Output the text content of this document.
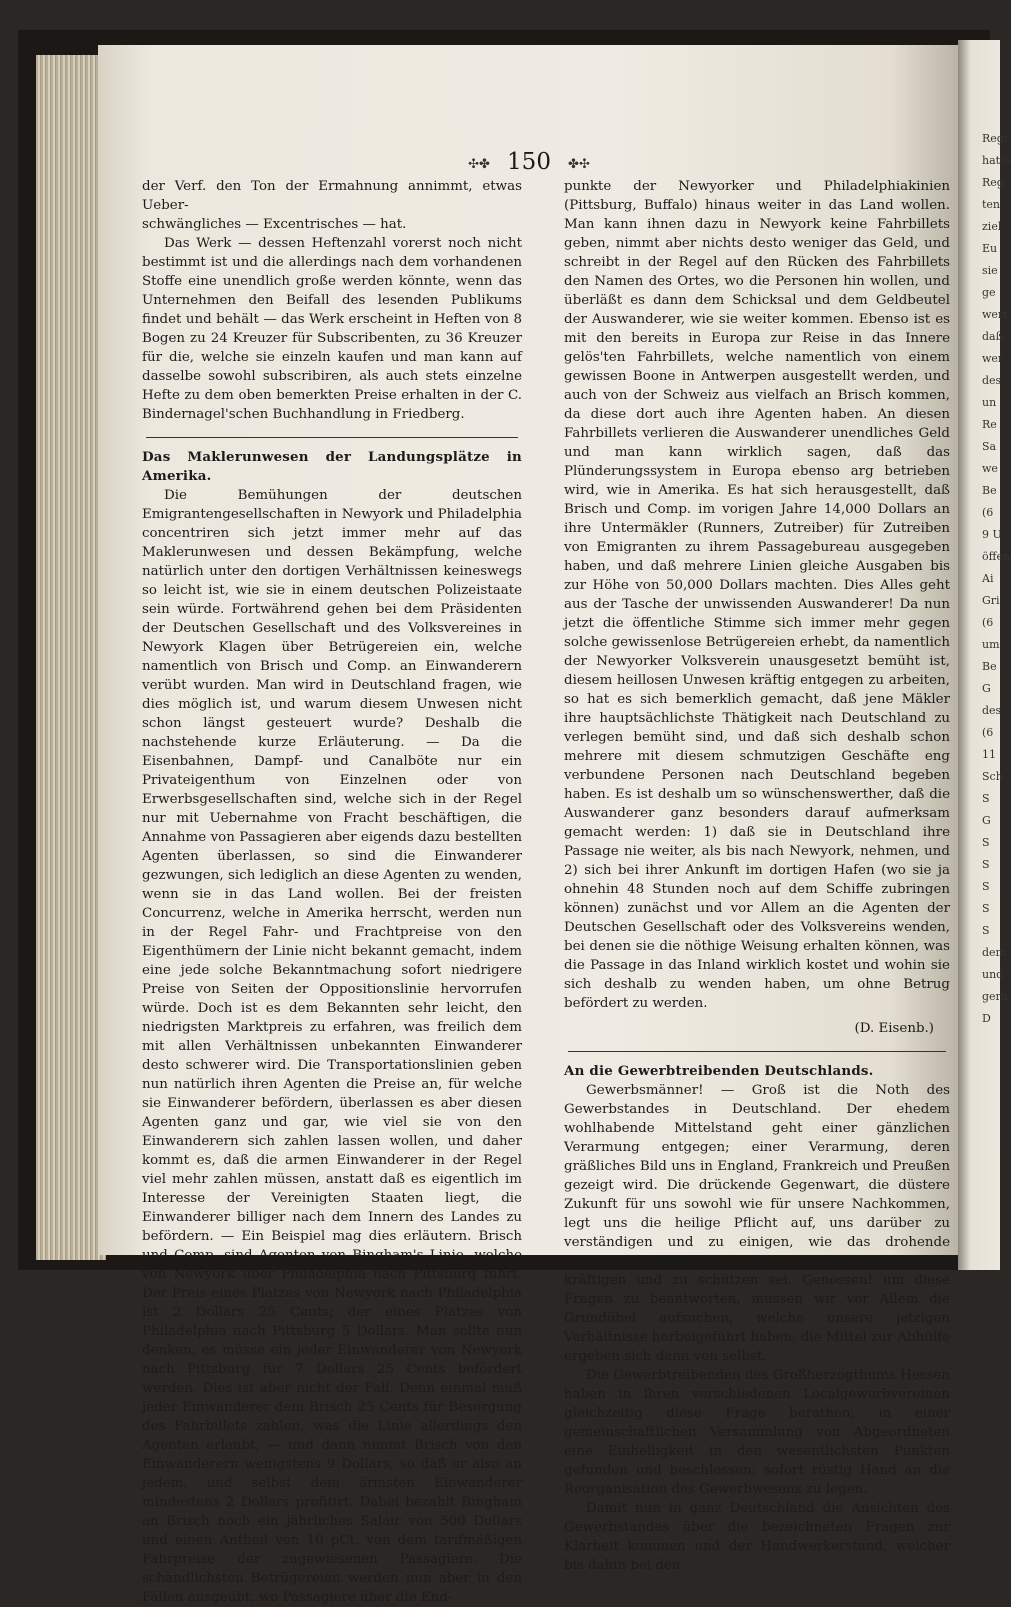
✣✤ 150 ✤✣

der Verf. den Ton der Ermahnung annimmt, etwas Ueber-

schwängliches — Excentrisches — hat.

Das Werk — dessen Heftenzahl vorerst noch nicht bestimmt ist und die allerdings nach dem vorhandenen Stoffe eine unendlich große werden könnte, wenn das Unternehmen den Beifall des lesenden Publikums findet und behält — das Werk erscheint in Heften von 8 Bogen zu 24 Kreuzer für Subscribenten, zu 36 Kreuzer für die, welche sie einzeln kaufen und man kann auf dasselbe sowohl subscribiren, als auch stets einzelne Hefte zu dem oben bemerkten Preise erhalten in der C. Bindernagel'schen Buchhandlung in Friedberg.

Das Maklerunwesen der Landungsplätze in Amerika.

Die Bemühungen der deutschen Emigrantengesellschaften in Newyork und Philadelphia concentriren sich jetzt immer mehr auf das Maklerunwesen und dessen Bekämpfung, welche natürlich unter den dortigen Verhältnissen keineswegs so leicht ist, wie sie in einem deutschen Polizeistaate sein würde. Fortwährend gehen bei dem Präsidenten der Deutschen Gesellschaft und des Volksvereines in Newyork Klagen über Betrügereien ein, welche namentlich von Brisch und Comp. an Einwanderern verübt wurden. Man wird in Deutschland fragen, wie dies möglich ist, und warum diesem Unwesen nicht schon längst gesteuert wurde? Deshalb die nachstehende kurze Erläuterung. — Da die Eisenbahnen, Dampf- und Canalböte nur ein Privateigenthum von Einzelnen oder von Erwerbsgesellschaften sind, welche sich in der Regel nur mit Uebernahme von Fracht beschäftigen, die Annahme von Passagieren aber eigends dazu bestellten Agenten überlassen, so sind die Einwanderer gezwungen, sich lediglich an diese Agenten zu wenden, wenn sie in das Land wollen. Bei der freisten Concurrenz, welche in Amerika herrscht, werden nun in der Regel Fahr- und Frachtpreise von den Eigenthümern der Linie nicht bekannt gemacht, indem eine jede solche Bekanntmachung sofort niedrigere Preise von Seiten der Oppositionslinie hervorrufen würde. Doch ist es dem Bekannten sehr leicht, den niedrigsten Marktpreis zu erfahren, was freilich dem mit allen Verhältnissen unbekannten Einwanderer desto schwerer wird. Die Transportationslinien geben nun natürlich ihren Agenten die Preise an, für welche sie Einwanderer befördern, überlassen es aber diesen Agenten ganz und gar, wie viel sie von den Einwanderern sich zahlen lassen wollen, und daher kommt es, daß die armen Einwanderer in der Regel viel mehr zahlen müssen, anstatt daß es eigentlich im Interesse der Vereinigten Staaten liegt, die Einwanderer billiger nach dem Innern des Landes zu befördern. — Ein Beispiel mag dies erläutern. Brisch und Comp. sind Agenten von Bingham's Linie, welche von Newyork über Philadelphia nach Pittsburg führt. Der Preis eines Platzes von Newyork nach Philadelphia ist 2 Dollars 25 Cents; der eines Platzes von Philadelphia nach Pittsburg 5 Dollars. Man sollte nun denken, es müsse ein jeder Einwanderer von Newyork nach Pittsburg für 7 Dollars 25 Cents befördert werden. Dies ist aber nicht der Fall. Denn einmal muß jeder Einwanderer dem Brisch 25 Cents für Besorgung des Fahrbillets zahlen, was die Linie allerdings den Agenten erlaubt, — und dann nimmt Brisch von den Einwanderern wenigstens 9 Dollars, so daß er also an jedem, und selbst dem ärmsten Einwanderer mindestens 2 Dollars profitirt. Dabei bezahlt Bingham an Brisch noch ein jährliches Salair von 500 Dollars und einen Antheil von 10 pCt. von dem tarifmäßigen Fahrpreise der zugewiesenen Passagiere. Die schändlichsten Betrügereien werden nun aber in den Fällen ausgeübt, wo Passagiere über die End-

punkte der Newyorker und Philadelphiakinien (Pittsburg, Buffalo) hinaus weiter in das Land wollen. Man kann ihnen dazu in Newyork keine Fahrbillets geben, nimmt aber nichts desto weniger das Geld, und schreibt in der Regel auf den Rücken des Fahrbillets den Namen des Ortes, wo die Personen hin wollen, und überläßt es dann dem Schicksal und dem Geldbeutel der Auswanderer, wie sie weiter kommen. Ebenso ist es mit den bereits in Europa zur Reise in das Innere gelös'ten Fahrbillets, welche namentlich von einem gewissen Boone in Antwerpen ausgestellt werden, und auch von der Schweiz aus vielfach an Brisch kommen, da diese dort auch ihre Agenten haben. An diesen Fahrbillets verlieren die Auswanderer unendliches Geld und man kann wirklich sagen, daß das Plünderungssystem in Europa ebenso arg betrieben wird, wie in Amerika. Es hat sich herausgestellt, daß Brisch und Comp. im vorigen Jahre 14,000 Dollars an ihre Untermäkler (Runners, Zutreiber) für Zutreiben von Emigranten zu ihrem Passagebureau ausgegeben haben, und daß mehrere Linien gleiche Ausgaben bis zur Höhe von 50,000 Dollars machten. Dies Alles geht aus der Tasche der unwissenden Auswanderer! Da nun jetzt die öffentliche Stimme sich immer mehr gegen solche gewissenlose Betrügereien erhebt, da namentlich der Newyorker Volksverein unausgesetzt bemüht ist, diesem heillosen Unwesen kräftig entgegen zu arbeiten, so hat es sich bemerklich gemacht, daß jene Mäkler ihre hauptsächlichste Thätigkeit nach Deutschland zu verlegen bemüht sind, und daß sich deshalb schon mehrere mit diesem schmutzigen Geschäfte eng verbundene Personen nach Deutschland begeben haben. Es ist deshalb um so wünschenswerther, daß die Auswanderer ganz besonders darauf aufmerksam gemacht werden: 1) daß sie in Deutschland ihre Passage nie weiter, als bis nach Newyork, nehmen, und 2) sich bei ihrer Ankunft im dortigen Hafen (wo sie ja ohnehin 48 Stunden noch auf dem Schiffe zubringen können) zunächst und vor Allem an die Agenten der Deutschen Gesellschaft oder des Volksvereins wenden, bei denen sie die nöthige Weisung erhalten können, was die Passage in das Inland wirklich kostet und wohin sie sich deshalb zu wenden haben, um ohne Betrug befördert zu werden.

(D. Eisenb.)

An die Gewerbtreibenden Deutschlands.

Gewerbsmänner! — Groß ist die Noth des Gewerbstandes in Deutschland. Der ehedem wohlhabende Mittelstand geht einer gänzlichen Verarmung entgegen; einer Verarmung, deren gräßliches Bild uns in England, Frankreich und Preußen gezeigt wird. Die drückende Gegenwart, die düstere Zukunft für uns sowohl wie für unsere Nachkommen, legt uns die heilige Pflicht auf, uns darüber zu verständigen und zu einigen, wie das drohende Verderben abzuwenden, wie der Handwerkerstand zu kräftigen und zu schützen sei. Genossen! um diese Fragen zu beantworten, müssen wir vor Allem die Grundübel aufsuchen, welche unsere jetzigen Verhältnisse herbeigeführt haben, die Mittel zur Abhülfe ergeben sich dann von selbst.

Die Gewerbtreibenden des Großherzogthums Hessen haben in ihren verschiedenen Localgewerbvereinen gleichzeitig diese Frage berathen, in einer gemeinschaftlichen Versammlung von Abgeordneten eine Einhelligkeit in den wesentlichsten Punkten gefunden und beschlossen: sofort rüstig Hand an die Reorganisation des Gewerbwesens zu legen.

Damit nun in ganz Deutschland die Ansichten des Gewerbstandes über die bezeichneten Fragen zur Klarheit kommen und der Handwerkerstand, welcher bis dahin bei den

Regi
hatte
Reg
ten
ziel
Eu
sie
ge
wert
daß
wer
des
un
Re
Sa
we
Be
(6
9 U
öffen
Ai
Gri
(6
um
Be
G
des
(6
11
Sch
S
G
S
S
S
S
S
dem
und
geru
D
